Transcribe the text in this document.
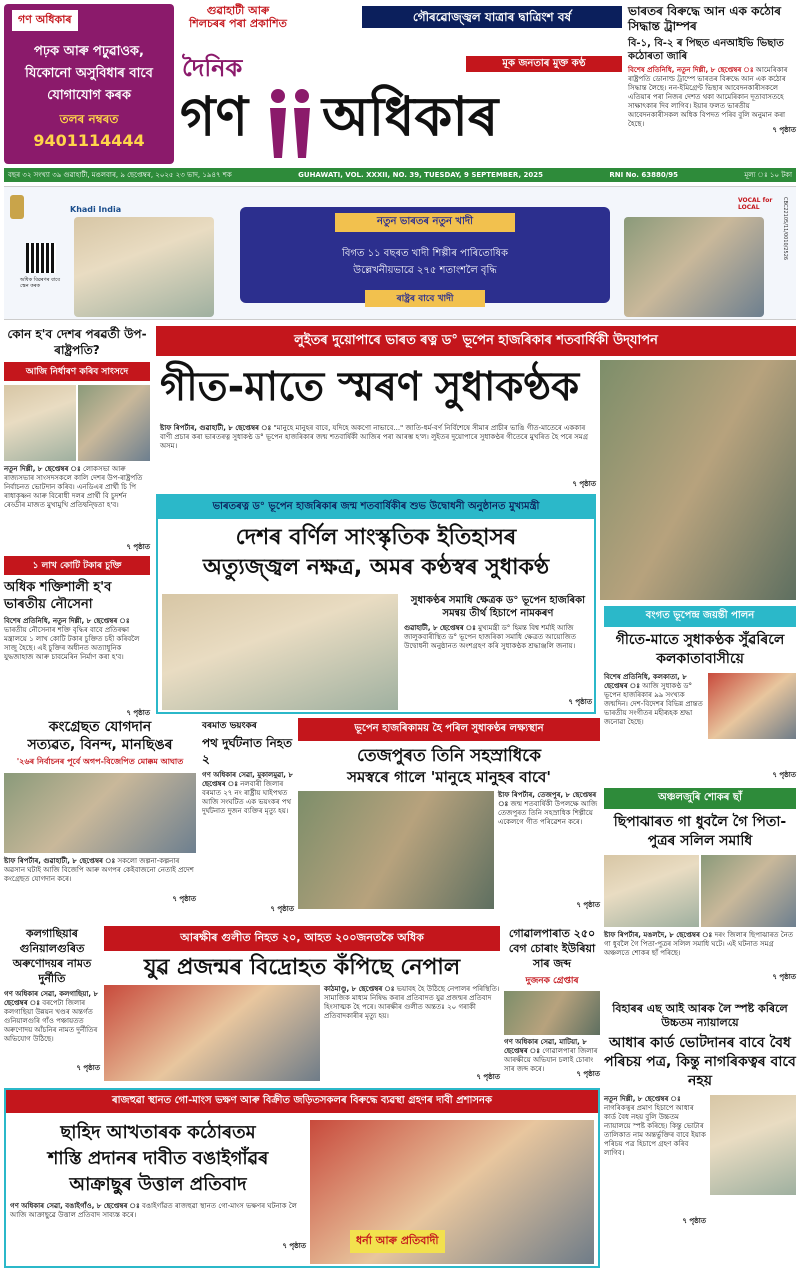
গণ অধিকাৰ
পঢ়ক আৰু পঢ়ুৱাওক,
যিকোনো অসুবিধাৰ বাবে
যোগাযোগ কৰক
তলৰ নম্বৰত
9401114444
গুৱাহাটী আৰু
শিলচৰৰ পৰা প্ৰকাশিত	গৌৰৱোজ্জ্বল যাত্ৰাৰ দ্বাত্ৰিংশ বৰ্ষ
দৈনিক	মূক জনতাৰ মুক্ত কণ্ঠ
গণ অধিকাৰ
ভাৰতৰ বিৰুদ্ধে আন এক কঠোৰ সিদ্ধান্ত ট্ৰাম্পৰ
বি-১, বি-২ ৰ পিছত এনআইভি ভিছাত কঠোৰতা জাৰি
বিশেষ প্ৰতিনিধি, নতুন দিল্লী, ৮ ছেপ্তেম্বৰ ঃ আমেৰিকাৰ ৰাষ্ট্ৰপতি ডোনাল্ড ট্ৰাম্পে ভাৰতৰ বিৰুদ্ধে আন এক কঠোৰ সিদ্ধান্ত লৈছে। নন-ইমিগ্ৰেণ্ট ভিছাৰ আবেদনকাৰীসকলে এতিয়াৰ পৰা নিজৰ দেশত থকা আমেৰিকান দূতাবাসতহে সাক্ষাৎকাৰ দিব লাগিব। ইয়াৰ ফলত ভাৰতীয় আবেদনকাৰীসকল অধিক বিপদত পৰিব বুলি অনুমান কৰা হৈছে।
৭ পৃষ্ঠাত
বছৰ ৩২ সংখ্যা ৩৯ গুৱাহাটী, মঙলবাৰ, ৯ ছেপ্তেম্বৰ, ২০২৫ ২৩ ভাদ, ১৯৪৭ শক	GUHAWATI, VOL. XXXII, NO. 39, TUESDAY, 9 SEPTEMBER, 2025	RNI No. 63880/95	মূল্য ঃ ১০ টকা
Khadi India
অধিক বিৱৰণৰ বাবে স্কেন কৰক
নতুন ভাৰতৰ নতুন খাদী
বিগত ১১ বছৰত খাদী শিল্পীৰ পাৰিতোষিক
উল্লেখনীয়ভাৱে ২৭৫ শতাংশলৈ বৃদ্ধি
ৰাষ্ট্ৰৰ বাবে খাদী
VOCAL for LOCAL	CBC22105/11/0010/2526
কোন হ'ব দেশৰ পৰৱৰ্তী উপ-ৰাষ্ট্ৰপতি?
আজি নিৰ্ধাৰণ কৰিব সাংসদে
নতুন দিল্লী, ৮ ছেপ্তেম্বৰ ঃ লোকসভা আৰু ৰাজ্যসভাৰ সাংসদসকলে কালি দেশৰ উপ-ৰাষ্ট্ৰপতি নিৰ্বাচনত ভোটদান কৰিব। এনডিএৰ প্ৰাৰ্থী চি পি ৰাধাকৃষ্ণন আৰু বিৰোধী দলৰ প্ৰাৰ্থী বি চুদৰ্শন ৰেড্ডীৰ মাজত মুখামুখি প্ৰতিদ্বন্দ্বিতা হ'ব।
৭ পৃষ্ঠাত
১ লাখ কোটি টকাৰ চুক্তি
অধিক শক্তিশালী হ'ব ভাৰতীয় নৌসেনা
বিশেষ প্ৰতিনিধি, নতুন দিল্লী, ৮ ছেপ্তেম্বৰ ঃ ভাৰতীয় নৌসেনাৰ শক্তি বৃদ্ধিৰ বাবে প্ৰতিৰক্ষা মন্ত্ৰালয়ে ১ লাখ কোটি টকাৰ চুক্তিত চহী কৰিবলৈ সাজু হৈছে। এই চুক্তিৰ অধীনত অত্যাধুনিক যুদ্ধজাহাজ আৰু চাবমেৰিন নিৰ্মাণ কৰা হ'ব।
৭ পৃষ্ঠাত
লুইতৰ দুয়োপাৰে ভাৰত ৰত্ন ড° ভূপেন হাজৰিকাৰ শতবাৰ্ষিকী উদ্‌যাপন
গীত-মাতে স্মৰণ সুধাকণ্ঠক
ষ্টাফ ৰিপৰ্টাৰ, গুৱাহাটী, ৮ ছেপ্তেম্বৰ ঃ "মানুহে মানুহৰ বাবে, যদিহে অকণো নাভাবে..." জাতি-ধৰ্ম-বৰ্ণ নিৰ্বিশেষে সীমাৰ প্ৰাচীৰ ভাঙি গীত-মাতেৰে এককাৰ বাণী প্ৰচাৰ কৰা ভাৰতৰত্ন সুধাকণ্ঠ ড° ভূপেন হাজৰিকাৰ জন্ম শতবাৰ্ষিকী আজিৰ পৰা আৰম্ভ হ'ল। লুইতৰ দুয়োপাৰে সুধাকণ্ঠৰ গীতেৰে মুখৰিত হৈ পৰে সমগ্ৰ অসম।
৭ পৃষ্ঠাত
ভাৰতৰত্ন ড° ভূপেন হাজৰিকাৰ জন্ম শতবাৰ্ষিকীৰ শুভ উদ্বোধনী অনুষ্ঠানত মুখ্যমন্ত্ৰী
দেশৰ বৰ্ণিল সাংস্কৃতিক ইতিহাসৰ
অত্যুজ্জ্বল নক্ষত্ৰ, অমৰ কণ্ঠস্বৰ সুধাকণ্ঠ
সুধাকণ্ঠৰ সমাধি ক্ষেত্ৰক ড° ভূপেন হাজৰিকা সমন্বয় তীৰ্থ হিচাপে নামকৰণ
গুৱাহাটী, ৮ ছেপ্তেম্বৰ ঃ মুখ্যমন্ত্ৰী ড° হিমন্ত বিশ্ব শৰ্মাই আজি জালুকবাৰীস্থিত ড° ভূপেন হাজৰিকা সমাধি ক্ষেত্ৰত আয়োজিত উদ্বোধনী অনুষ্ঠানত অংশগ্ৰহণ কৰি সুধাকণ্ঠক শ্ৰদ্ধাঞ্জলি জনায়।
৭ পৃষ্ঠাত
বংগত ভূপেন্দ্ৰ জয়ন্তী পালন
গীতে-মাতে সুধাকণ্ঠক সুঁৱৰিলে কলকাতাবাসীয়ে
বিশেষ প্ৰতিনিধি, কলকাতা, ৮ ছেপ্তেম্বৰ ঃ আজি সুধাকণ্ঠ ড° ভূপেন হাজৰিকাৰ ৯৯ সংখ্যক জন্মদিন। দেশ-বিদেশৰ বিভিন্ন প্ৰান্তত ভাৰতীয় সংগীতৰ মহীৰূহক শ্ৰদ্ধা জনোৱা হৈছে।
৭ পৃষ্ঠাত
কংগ্ৰেছত যোগদান
সত্যৱত, বিনন্দ, মানছিঙৰ
'২৬ৰ নিৰ্বাচনৰ পূৰ্বে অগপ-বিজেপিত মোক্কম আঘাত
ষ্টাফ ৰিপৰ্টাৰ, গুৱাহাটী, ৮ ছেপ্তেম্বৰ ঃ সকলো জল্পনা-কল্পনাৰ অৱসান ঘটাই আজি বিজেপি আৰু অগপৰ কেইবাজনো নেতাই প্ৰদেশ কংগ্ৰেছত যোগদান কৰে।
৭ পৃষ্ঠাত
বৰমাত ভয়ংকৰ
পথ দুৰ্ঘটনাত নিহত ২
গণ অধিকাৰ সেৱা, মুকালমুৱা, ৮ ছেপ্তেম্বৰ ঃ নলবাৰী জিলাৰ বৰমাত ২৭ নং ৰাষ্ট্ৰীয় ঘাইপথত আজি সংঘটিত এক ভয়ংকৰ পথ দুৰ্ঘটনাত দুজন ব্যক্তিৰ মৃত্যু হয়।
৭ পৃষ্ঠাত
ভূপেন হাজৰিকাময় হৈ পৰিল সুধাকণ্ঠৰ লক্ষ্যস্থান
তেজপুৰত তিনি সহস্ৰাধিকে
সমস্বৰে গালে 'মানুহে মানুহৰ বাবে'
ষ্টাফ ৰিপৰ্টাৰ, তেজপুৰ, ৮ ছেপ্তেম্বৰ ঃ জন্ম শতবাৰ্ষিকী উপলক্ষে আজি তেজপুৰত তিনি সহস্ৰাধিক শিল্পীয়ে একেলগে গীত পৰিৱেশন কৰে।
৭ পৃষ্ঠাত
অঞ্চলজুৰি শোকৰ ছাঁ
ছিপাঝাৰত গা ধুবলৈ গৈ পিতা-পুত্ৰৰ সলিল সমাধি
ষ্টাফ ৰিপৰ্টাৰ, মঙলদৈ, ৮ ছেপ্তেম্বৰ ঃ দৰং জিলাৰ ছিপাঝাৰত নৈত গা ধুবলৈ গৈ পিতা-পুত্ৰৰ সলিল সমাধি ঘটে। এই ঘটনাত সমগ্ৰ অঞ্চলতে শোকৰ ছাঁ পৰিছে।
৭ পৃষ্ঠাত
কলগাছিয়াৰ গুনিয়ালগুৰিত অৰুণোদয়ৰ নামত দুৰ্নীতি
গণ অধিকাৰ সেৱা, কলগাছিয়া, ৮ ছেপ্তেম্বৰ ঃ বৰপেটা জিলাৰ কলগাছিয়া উন্নয়ন খণ্ডৰ অন্তৰ্গত গুনিয়ালগুৰি গাঁও পঞ্চায়তত অৰুণোদয় আঁচনিৰ নামত দুৰ্নীতিৰ অভিযোগ উঠিছে।
৭ পৃষ্ঠাত
আৰক্ষীৰ গুলীত নিহত ২০, আহত ২০০জনতকৈ অধিক
যুৱ প্ৰজন্মৰ বিদ্ৰোহত কঁপিছে নেপাল
কাঠমাণ্ডু, ৮ ছেপ্তেম্বৰ ঃ ভয়াবহ হৈ উঠিছে নেপালৰ পৰিস্থিতি। সামাজিক মাধ্যম নিষিদ্ধ কৰাৰ প্ৰতিবাদত যুৱ প্ৰজন্মৰ প্ৰতিবাদ হিংসাত্মক হৈ পৰে। আৰক্ষীৰ গুলীত অন্ততঃ ২০ গৰাকী প্ৰতিবাদকাৰীৰ মৃত্যু হয়।
৭ পৃষ্ঠাত
গোৱালপাৰাত ২৫০ বেগ চোৰাং ইউৰিয়া সাৰ জব্দ
দুজনক গ্ৰেপ্তাৰ
গণ অধিকাৰ সেৱা, মাটিয়া, ৮ ছেপ্তেম্বৰ ঃ গোৱালপাৰা জিলাৰ আৰক্ষীয়ে অভিযান চলাই চোৰাং সাৰ জব্দ কৰে।
৭ পৃষ্ঠাত
বিহাৰৰ এছ আই আৰক লৈ স্পষ্ট কৰিলে উচ্চতম ন্যায়ালয়ে
আধাৰ কাৰ্ড ভোটদানৰ বাবে বৈধ পৰিচয় পত্ৰ, কিন্তু নাগৰিকত্বৰ বাবে নহয়
নতুন দিল্লী, ৮ ছেপ্তেম্বৰ ঃ নাগৰিকত্বৰ প্ৰমাণ হিচাপে আধাৰ কাৰ্ড বৈধ নহয় বুলি উচ্চতম ন্যায়ালয়ে স্পষ্ট কৰিছে। কিন্তু ভোটাৰ তালিকাত নাম অন্তৰ্ভুক্তিৰ বাবে ইয়াক পৰিচয় পত্ৰ হিচাপে গ্ৰহণ কৰিব লাগিব।
৭ পৃষ্ঠাত
ৰাজহুৱা স্থানত গো-মাংস ভক্ষণ আৰু বিক্ৰীত জড়িতসকলৰ বিৰুদ্ধে ব্যৱস্থা গ্ৰহণৰ দাবী প্ৰশাসনক
ছাহিদ আখতাৰক কঠোৰতম
শাস্তি প্ৰদানৰ দাবীত বঙাইগাঁৱৰ
আক্ৰাছুৰ উত্তাল প্ৰতিবাদ
গণ অধিকাৰ সেৱা, বঙাইগাঁও, ৮ ছেপ্তেম্বৰ ঃ বঙাইগাঁৱত ৰাজহুৱা স্থানত গো-মাংস ভক্ষণৰ ঘটনাক লৈ আজি আক্ৰাছুৱে উত্তাল প্ৰতিবাদ সাব্যস্ত কৰে।
৭ পৃষ্ঠাত	ধৰ্না আৰু প্ৰতিবাদী
